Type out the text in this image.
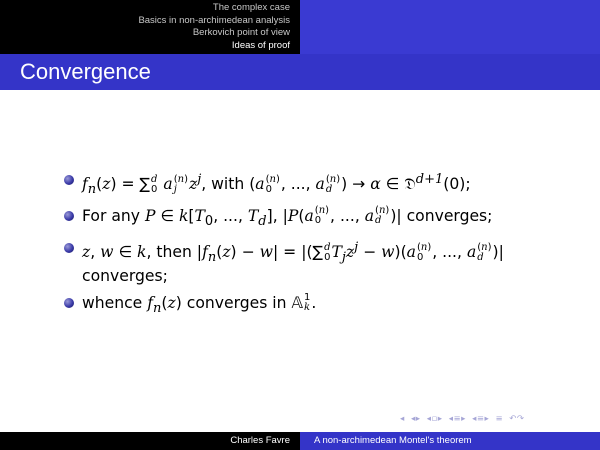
The complex case
Basics in non-archimedean analysis
Berkovich point of view
Ideas of proof
Convergence
$f_n(z)$ = ∑ d
0 a (n)
j $z^j$, with (a (n)
0 , ..., a (n)
d ) → α ∈ 𝔇$^{d+1}$(0);
For any P ∈ $k[T_0$, ..., $T_d$], |P(a (n)
0 , ..., a (n)
d )| converges;
z, w ∈ k, then $|f_n(z) - w|$ = |(∑ d
0 $T_jz^j - w)(a$ (n)
0 , ..., a (n)
d )|
converges;
whence $f_n(z)$ converges in 𝔸 1
k .
◂ ◂▸ ◂▫▸ ◂≡▸ ◂≡▸ ≡ ↶↷
Charles Favre	A non-archimedean Montel's theorem
